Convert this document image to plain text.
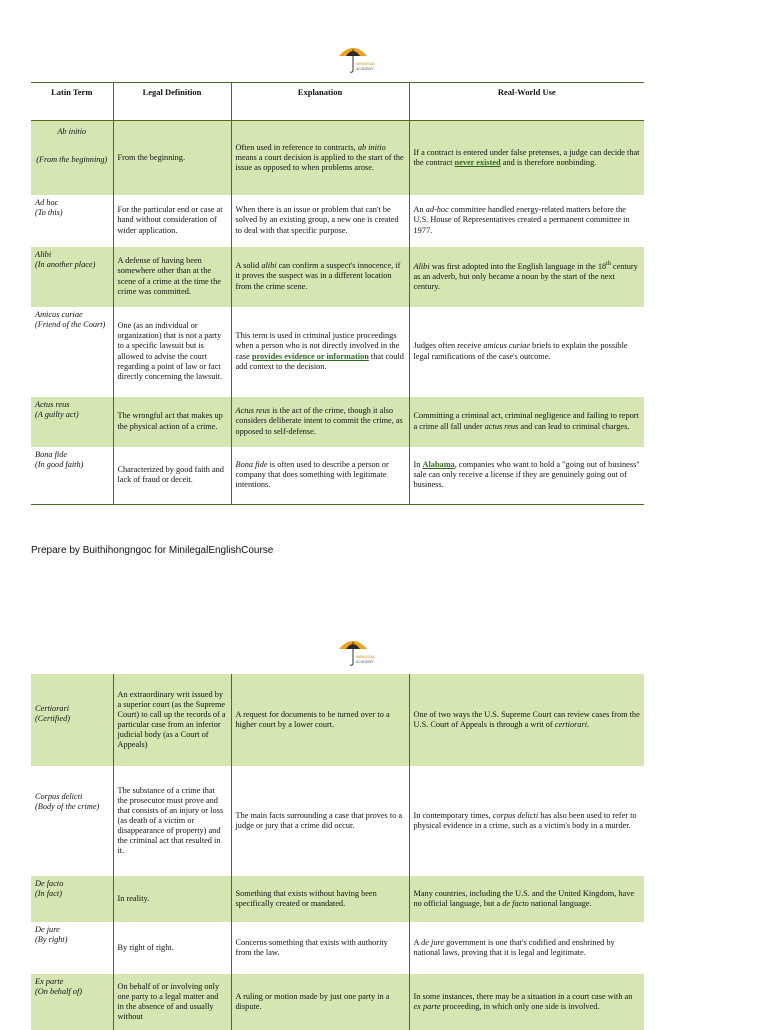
MINILEGAL
ACADEMY
Latin Term	Legal Definition	Explanation	Real-World Use

Ab initio
(From the beginning)	From the beginning.	Often used in reference to contracts, ab initio means a court decision is applied to the start of the issue as opposed to when problems arose.	If a contract is entered under false pretenses, a judge can decide that the contract never existed and is therefore nonbinding.

Ad hoc
(To this)	For the particular end or case at hand without consideration of wider application.	When there is an issue or problem that can't be solved by an existing group, a new one is created to deal with that specific purpose.	An ad-hoc committee handled energy-related matters before the U.S. House of Representatives created a permanent committee in 1977.

Alibi
(In another place)	A defense of having been somewhere other than at the scene of a crime at the time the crime was committed.	A solid alibi can confirm a suspect's innocence, if it proves the suspect was in a different location from the crime scene.	Alibi was first adopted into the English language in the 18th century as an adverb, but only became a noun by the start of the next century.

Amicus curiae
(Friend of the Court)	One (as an individual or organization) that is not a party to a specific lawsuit but is allowed to advise the court regarding a point of law or fact directly concerning the lawsuit.	This term is used in criminal justice proceedings when a person who is not directly involved in the case provides evidence or information that could add context to the decision.	Judges often receive amicus curiae briefs to explain the possible legal ramifications of the case's outcome.

Actus reus
(A guilty act)	The wrongful act that makes up the physical action of a crime.	Actus reus is the act of the crime, though it also considers deliberate intent to commit the crime, as opposed to self-defense.	Committing a criminal act, criminal negligence and failing to report a crime all fall under actus reus and can lead to criminal charges.

Bona fide
(In good faith)	Characterized by good faith and lack of fraud or deceit.	Bona fide is often used to describe a person or company that does something with legitimate intentions.	In Alabama, companies who want to hold a "going out of business" sale can only receive a license if they are genuinely going out of business.
Prepare by Buithihongngoc for MinilegalEnglishCourse
MINILEGAL
ACADEMY
Certiorari
(Certified)	An extraordinary writ issued by a superior court (as the Supreme Court) to call up the records of a particular case from an inferior judicial body (as a Court of Appeals)	A request for documents to be turned over to a higher court by a lower court.	One of two ways the U.S. Supreme Court can review cases from the U.S. Court of Appeals is through a writ of certiorari.

Corpus delicti
(Body of the crime)	The substance of a crime that the prosecutor must prove and that consists of an injury or loss (as death of a victim or disappearance of property) and the criminal act that resulted in it.	The main facts surrounding a case that proves to a judge or jury that a crime did occur.	In contemporary times, corpus delicti has also been used to refer to physical evidence in a crime, such as a victim's body in a murder.

De facto
(In fact)	In reality.	Something that exists without having been specifically created or mandated.	Many countries, including the U.S. and the United Kingdom, have no official language, but a de facto national language.

De jure
(By right)	By right of right.	Concerns something that exists with authority from the law.	A de jure government is one that's codified and enshrined by national laws, proving that it is legal and legitimate.

Ex parte
(On behalf of)	On behalf of or involving only one party to a legal matter and in the absence of and usually without	A ruling or motion made by just one party in a dispute.	In some instances, there may be a situation in a court case with an ex parte proceeding, in which only one side is involved.
